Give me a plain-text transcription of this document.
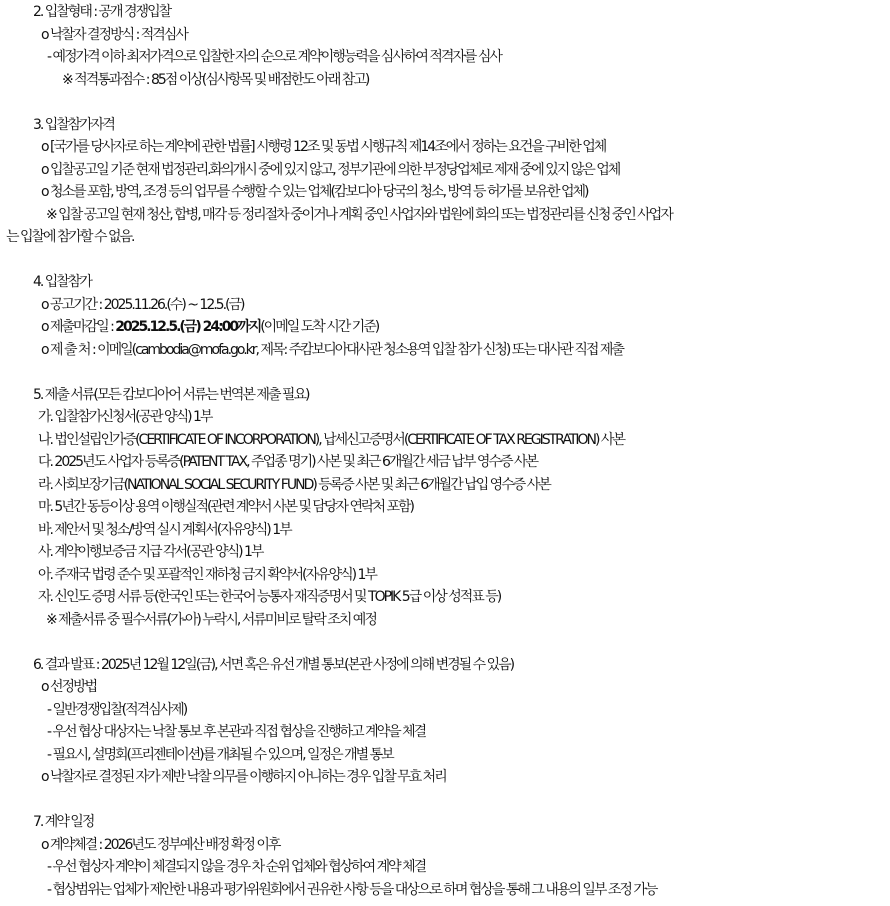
2. 입찰형태 : 공개 경쟁입찰
o 낙찰자 결정방식 : 적격심사
- 예정가격 이하 최저가격으로 입찰한 자의 순으로 계약이행능력을 심사하여 적격자를 심사
※ 적격통과점수 : 85점 이상(심사항목 및 배점한도 아래 참고)
3. 입찰참가자격
o [국가를 당사자로 하는 계약에 관한 법률] 시행령 12조 및 동법 시행규칙 제14조에서 정하는 요건을 구비한 업체
o 입찰공고일 기준 현재 법정관리.화의개시 중에 있지 않고, 정부기관에 의한 부정당업체로 제재 중에 있지 않은 업체
o 청소를 포함, 방역, 조경 등의 업무를 수행할 수 있는 업체(캄보디아 당국의 청소, 방역 등 허가를 보유한 업체)
※ 입찰 공고일 현재 청산, 합병, 매각 등 정리절차 중이거나 계획 중인 사업자와 법원에 화의 또는 법정관리를 신청 중인 사업자
는 입찰에 참가할 수 없음.
4. 입찰참가
o 공고기간 : 2025.11.26.(수) ~ 12.5.(금)
o 제출마감일 : 2025.12.5.(금) 24:00까지(이메일 도착 시간 기준)
o 제 출 처 : 이메일(cambodia@mofa.go.kr, 제목: 주캄보디아대사관 청소용역 입찰 참가 신청) 또는 대사관 직접 제출
5. 제출 서류(모든 캄보디아어 서류는 번역본 제출 필요)
가. 입찰참가신청서(공관 양식) 1부
나. 법인설립인가증(CERTIFICATE OF INCORPORATION), 납세신고증명서(CERTIFICATE OF TAX REGISTRATION) 사본
다. 2025년도 사업자 등록증(PATENT TAX, 주업종 명기) 사본 및 최근 6개월간 세금 납부 영수증 사본
라. 사회보장기금(NATIONAL SOCIAL SECURITY FUND) 등록증 사본 및 최근 6개월간 납입 영수증 사본
마. 5년간 동등이상 용역 이행실적(관련 계약서 사본 및 담당자 연락처 포함)
바. 제안서 및 청소/방역 실시 계획서(자유양식) 1부
사. 계약이행보증금 지급 각서(공관 양식) 1부
아. 주재국 법령 준수 및 포괄적인 재하청 금지 확약서(자유양식) 1부
자. 신인도 증명 서류 등(한국인 또는 한국어 능통자 재직증명서 및 TOPIK 5급 이상 성적표 등)
※ 제출서류 중 필수서류(가-아) 누락시, 서류미비로 탈락 조치 예정
6. 결과 발표 : 2025년 12월 12일(금), 서면 혹은 유선 개별 통보(본관 사정에 의해 변경될 수 있음)
o 선정방법
- 일반경쟁입찰(적격심사제)
- 우선 협상 대상자는 낙찰 통보 후 본관과 직접 협상을 진행하고 계약을 체결
- 필요시, 설명회(프리젠테이션)를 개최될 수 있으며, 일정은 개별 통보
o 낙찰자로 결정된 자가 제반 낙찰 의무를 이행하지 아니하는 경우 입찰 무효 처리
7. 계약 일정
o 계약체결 : 2026년도 정부예산 배정 확정 이후
- 우선 협상자 계약이 체결되지 않을 경우 차 순위 업체와 협상하여 계약 체결
- 협상범위는 업체가 제안한 내용과 평가위원회에서 권유한 사항 등을 대상으로 하며 협상을 통해 그 내용의 일부 조정 가능
